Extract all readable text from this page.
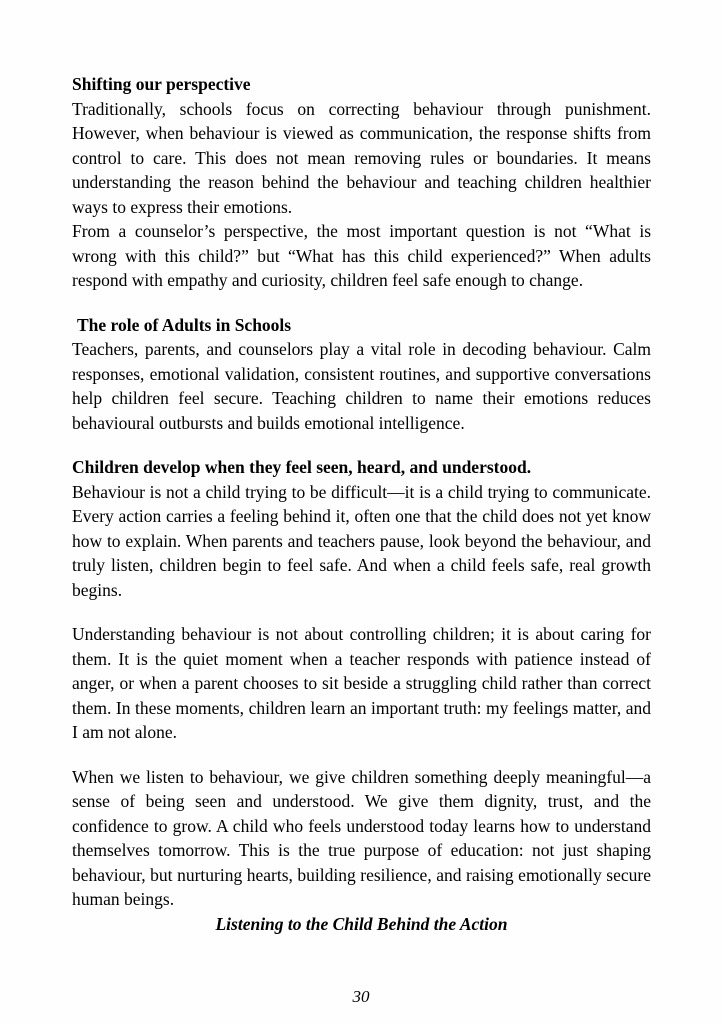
Shifting our perspective

Traditionally, schools focus on correcting behaviour through punishment. However, when behaviour is viewed as communication, the response shifts from control to care. This does not mean removing rules or boundaries. It means understanding the reason behind the behaviour and teaching children healthier ways to express their emotions.

From a counselor’s perspective, the most important question is not “What is wrong with this child?” but “What has this child experienced?” When adults respond with empathy and curiosity, children feel safe enough to change.

The role of Adults in Schools

Teachers, parents, and counselors play a vital role in decoding behaviour. Calm responses, emotional validation, consistent routines, and supportive conversations help children feel secure. Teaching children to name their emotions reduces behavioural outbursts and builds emotional intelligence.

Children develop when they feel seen, heard, and understood.

Behaviour is not a child trying to be difficult—it is a child trying to communicate. Every action carries a feeling behind it, often one that the child does not yet know how to explain. When parents and teachers pause, look beyond the behaviour, and truly listen, children begin to feel safe. And when a child feels safe, real growth begins.

Understanding behaviour is not about controlling children; it is about caring for them. It is the quiet moment when a teacher responds with patience instead of anger, or when a parent chooses to sit beside a struggling child rather than correct them. In these moments, children learn an important truth: my feelings matter, and I am not alone.

When we listen to behaviour, we give children something deeply meaningful—a sense of being seen and understood. We give them dignity, trust, and the confidence to grow. A child who feels understood today learns how to understand themselves tomorrow. This is the true purpose of education: not just shaping behaviour, but nurturing hearts, building resilience, and raising emotionally secure human beings.

Listening to the Child Behind the Action

30
